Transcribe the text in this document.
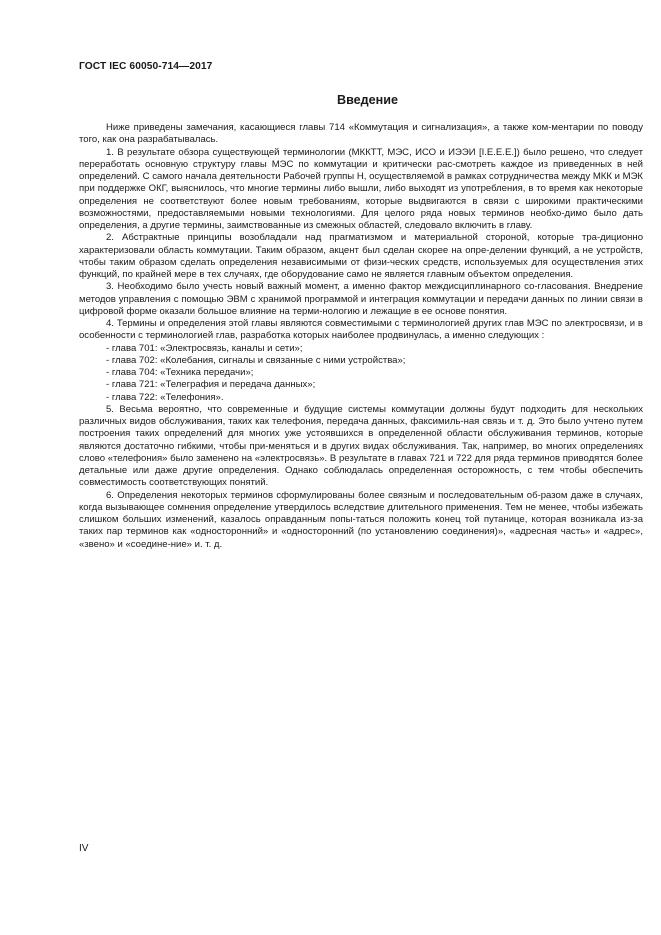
ГОСТ IEC 60050-714—2017
Введение

Ниже приведены замечания, касающиеся главы 714 «Коммутация и сигнализация», а также ком-ментарии по поводу того, как она разрабатывалась.

1. В результате обзора существующей терминологии (МККТТ, МЭС, ИСО и ИЭЭИ [I.E.E.E.]) было решено, что следует переработать основную структуру главы МЭС по коммутации и критически рас-смотреть каждое из приведенных в ней определений. С самого начала деятельности Рабочей группы Н, осуществляемой в рамках сотрудничества между МКК и МЭК при поддержке ОКГ, выяснилось, что многие термины либо вышли, либо выходят из употребления, в то время как некоторые определения не соответствуют более новым требованиям, которые выдвигаются в связи с широкими практическими возможностями, предоставляемыми новыми технологиями. Для целого ряда новых терминов необхо-димо было дать определения, а другие термины, заимствованные из смежных областей, следовало включить в главу.

2. Абстрактные принципы возобладали над прагматизмом и материальной стороной, которые тра-диционно характеризовали область коммутации. Таким образом, акцент был сделан скорее на опре-делении функций, а не устройств, чтобы таким образом сделать определения независимыми от физи-ческих средств, используемых для осуществления этих функций, по крайней мере в тех случаях, где оборудование само не является главным объектом определения.

3. Необходимо было учесть новый важный момент, а именно фактор междисциплинарного со-гласования. Внедрение методов управления с помощью ЭВМ с хранимой программой и интеграция коммутации и передачи данных по линии связи в цифровой форме оказали большое влияние на терми-нологию и лежащие в ее основе понятия.

4. Термины и определения этой главы являются совместимыми с терминологией других глав МЭС по электросвязи, и в особенности с терминологией глав, разработка которых наиболее продвинулась, а именно следующих :

- глава 701: «Электросвязь, каналы и сети»;
- глава 702: «Колебания, сигналы и связанные с ними устройства»;
- глава 704: «Техника передачи»;
- глава 721: «Телеграфия и передача данных»;
- глава 722: «Телефония».

5. Весьма вероятно, что современные и будущие системы коммутации должны будут подходить для нескольких различных видов обслуживания, таких как телефония, передача данных, факсимиль-ная связь и т. д. Это было учтено путем построения таких определений для многих уже устоявшихся в определенной области обслуживания терминов, которые являются достаточно гибкими, чтобы при-меняться и в других видах обслуживания. Так, например, во многих определениях слово «телефония» было заменено на «электросвязь». В результате в главах 721 и 722 для ряда терминов приводятся более детальные или даже другие определения. Однако соблюдалась определенная осторожность, с тем чтобы обеспечить совместимость соответствующих понятий.

6. Определения некоторых терминов сформулированы более связным и последовательным об-разом даже в случаях, когда вызывающее сомнения определение утвердилось вследствие длительного применения. Тем не менее, чтобы избежать слишком больших изменений, казалось оправданным попы-таться положить конец той путанице, которая возникала из-за таких пар терминов как «односторонний» и «односторонний (по установлению соединения)», «адресная часть» и «адрес», «звено» и «соедине-ние» и. т. д.

IV
